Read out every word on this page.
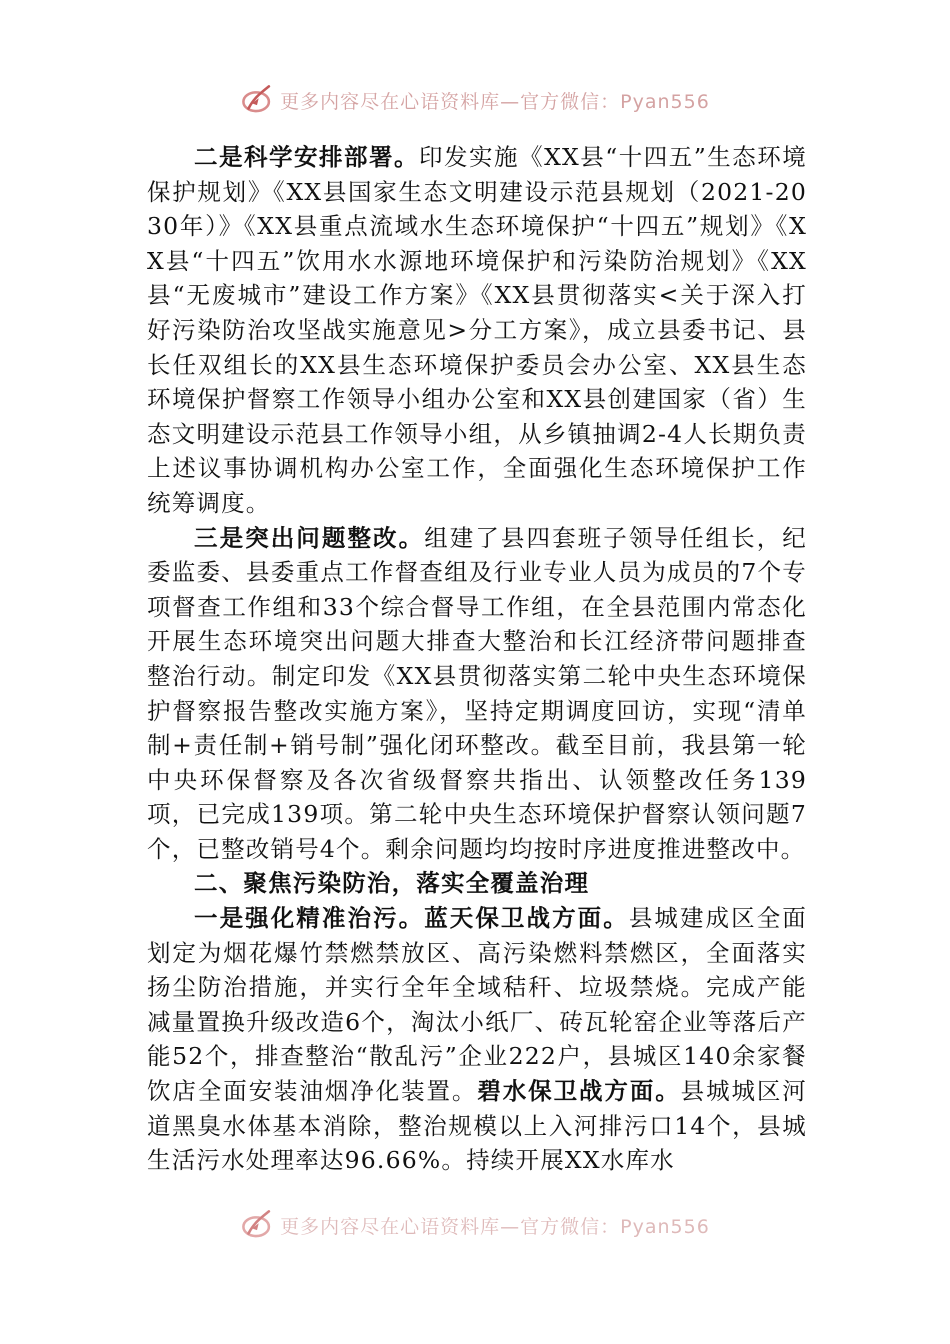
更多内容尽在心语资料库—官方微信：Pyan556

二是科学安排部署。印发实施《XX县“十四五”生态环境保护规划》《XX县国家生态文明建设示范县规划（2021-2030年）》《XX县重点流域水生态环境保护“十四五”规划》《XX县“十四五”饮用水水源地环境保护和污染防治规划》《XX县“无废城市”建设工作方案》《XX县贯彻落实<关于深入打好污染防治攻坚战实施意见>分工方案》，成立县委书记、县长任双组长的XX县生态环境保护委员会办公室、XX县生态环境保护督察工作领导小组办公室和XX县创建国家（省）生态文明建设示范县工作领导小组，从乡镇抽调2-4人长期负责上述议事协调机构办公室工作，全面强化生态环境保护工作统筹调度。

三是突出问题整改。组建了县四套班子领导任组长，纪委监委、县委重点工作督查组及行业专业人员为成员的7个专项督查工作组和33个综合督导工作组，在全县范围内常态化开展生态环境突出问题大排查大整治和长江经济带问题排查整治行动。制定印发《XX县贯彻落实第二轮中央生态环境保护督察报告整改实施方案》，坚持定期调度回访，实现“清单制+责任制+销号制”强化闭环整改。截至目前，我县第一轮中央环保督察及各次省级督察共指出、认领整改任务139项，已完成139项。第二轮中央生态环境保护督察认领问题7个，已整改销号4个。剩余问题均均按时序进度推进整改中。

二、聚焦污染防治，落实全覆盖治理

一是强化精准治污。蓝天保卫战方面。县城建成区全面划定为烟花爆竹禁燃禁放区、高污染燃料禁燃区，全面落实扬尘防治措施，并实行全年全域秸秆、垃圾禁烧。完成产能减量置换升级改造6个，淘汰小纸厂、砖瓦轮窑企业等落后产能52个，排查整治“散乱污”企业222户，县城区140余家餐饮店全面安装油烟净化装置。碧水保卫战方面。县城城区河道黑臭水体基本消除，整治规模以上入河排污口14个，县城生活污水处理率达96.66%。持续开展XX水库水

更多内容尽在心语资料库—官方微信：Pyan556
